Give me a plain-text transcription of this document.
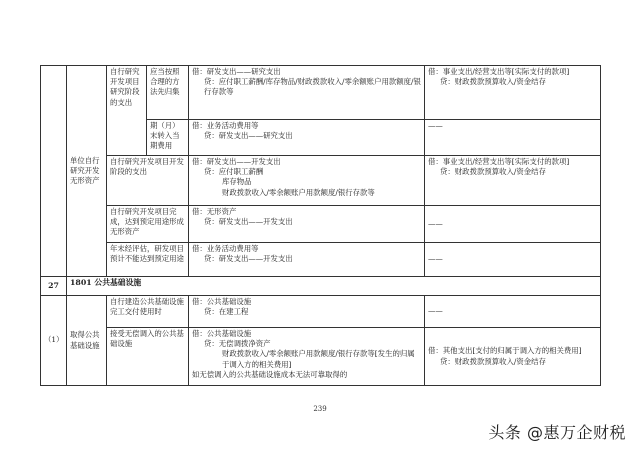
	单位自行研究开发无形资产	自行研究开发项目研究阶段的支出	应当按照合理的方法先归集	借：研发支出——研究支出
贷：应付职工薪酬/库存物品/财政拨款收入/零余额账户用款额度/银行存款等	借：事业支出/经营支出等[实际支付的款项]
贷：财政拨款预算收入/资金结存

			期（月）末转入当期费用	借：业务活动费用等
贷：研发支出——研究支出	——

		自行研究开发项目开发阶段的支出		借：研发支出——开发支出
贷：应付职工薪酬
库存物品
财政拨款收入/零余额账户用款额度/银行存款等	借：事业支出/经营支出等[实际支付的款项]
贷：财政拨款预算收入/资金结存

		自行研究开发项目完成，达到预定用途形成无形资产		借：无形资产
贷：研发支出——开发支出	——

		年末经评估，研发项目预计不能达到预定用途		借：业务活动费用等
贷：研发支出——开发支出	——

27	1801 公共基础设施				
（1）	取得公共基础设施	自行建造公共基础设施完工交付使用时		借：公共基础设施
贷：在建工程	——

		接受无偿调入的公共基础设施		借：公共基础设施
贷：无偿调拨净资产
财政拨款收入/零余额账户用款额度/银行存款等[发生的归属于调入方的相关费用]
如无偿调入的公共基础设施成本无法可靠取得的	借：其他支出[支付的归属于调入方的相关费用]
贷：财政拨款预算收入/资金结存
239
头条 @惠万企财税
